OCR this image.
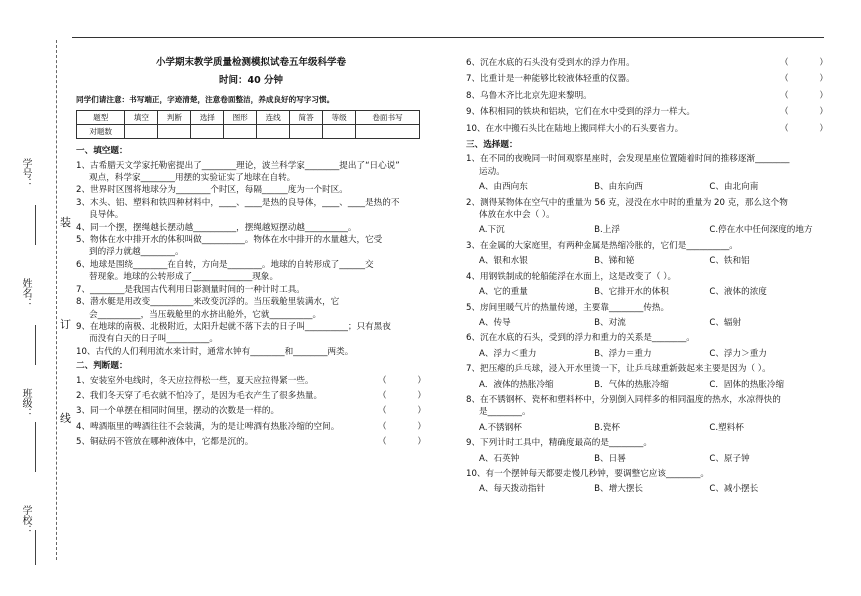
学号：
姓名：
班级：
学校：
装
订
线
小学期末教学质量检测模拟试卷五年级科学卷
时间：40 分钟
同学们请注意：书写端正，字迹清楚，注意卷面整洁，养成良好的写字习惯。
题型	填空	判断	选择	图形	连线	简答	等级	卷面书写
对题数								
一、填空题：
1、古希腊天文学家托勒密提出了________理论，波兰科学家________提出了“日心说”
观点，科学家________用摆的实验证实了地球在自转。
2、世界时区图将地球分为________个时区，每隔______度为一个时区。
3、木头、铝、塑料和铁四种材料中，____、____是热的良导体，____、____是热的不
良导体。
4、同一个摆，摆绳越长摆动越__________，摆绳越短摆动越__________。
5、物体在水中排开水的体积叫做__________。物体在水中排开的水量越大，它受
到的浮力就越________。
6、地球是围绕________在自转，方向是________。地球的自转形成了______交
替现象。地球的公转形成了______________现象。
7、________是我国古代利用日影测量时间的一种计时工具。
8、潜水艇是用改变__________来改变沉浮的。当压载舱里装满水，它
会__________，当压载舱里的水挤出舱外，它就__________。
9、在地球的南极、北极附近，太阳升起就不落下去的日子叫__________；只有黑夜
而没有白天的日子叫__________。
10、古代的人们利用流水来计时，通常水钟有________和________两类。
二、判断题：
1、安装室外电线时，冬天应拉得松一些，夏天应拉得紧一些。	（	）
2、我们冬天穿了毛衣就不怕冷了，是因为毛衣产生了很多热量。	（	）
3、同一个单摆在相同时间里，摆动的次数是一样的。	（	）
4、啤酒瓶里的啤酒往往不会装满，为的是让啤酒有热胀冷缩的空间。	（	）
5、铜砝码不管放在哪种液体中，它都是沉的。	（	）
6、沉在水底的石头没有受到水的浮力作用。	（	）
7、比重计是一种能够比较液体轻重的仪器。	（	）
8、乌鲁木齐比北京先迎来黎明。	（	）
9、体积相同的铁块和铝块，它们在水中受到的浮力一样大。	（	）
10、在水中搬石头比在陆地上搬同样大小的石头要省力。	（	）
三、选择题：
1、在不同的夜晚同一时间观察星座时，会发现星座位置随着时间的推移逐渐________
运动。
A、由西向东	B、由东向西	C、由北向南
2、测得某物体在空气中的重量为 56 克，浸没在水中时的重量为 20 克，那么这个物
体放在水中会（ ）。
A.下沉	B.上浮	C.停在水中任何深度的地方
3、在金属的大家庭里，有两种金属是热缩冷胀的，它们是__________。
A、银和水银	B、锑和铋	C、铁和铝
4、用钢铁制成的轮船能浮在水面上，这是改变了（ ）。
A、它的重量	B、它排开水的体积	C、液体的浓度
5、房间里暖气片的热量传递，主要靠________传热。
A、传导	B、对流	C、辐射
6、沉在水底的石头，受到的浮力和重力的关系是________。
A、浮力＜重力	B、浮力＝重力	C、浮力＞重力
7、把压瘪的乒乓球，浸入开水里烫一下，让乒乓球重新鼓起来主要是因为（ ）。
A．液体的热胀冷缩	B．气体的热胀冷缩	C．固体的热胀冷缩
8、在不锈钢杯、瓷杯和塑料杯中，分别倒入同样多的相同温度的热水，水凉得快的
是________。
A.不锈钢杯	B.瓷杯	C.塑料杯
9、下列计时工具中，精确度最高的是________。
A、石英钟	B、日晷	C、原子钟
10、有一个摆钟每天都要走慢几秒钟，要调整它应该________。
A、每天拨动指针	B、增大摆长	C、减小摆长
